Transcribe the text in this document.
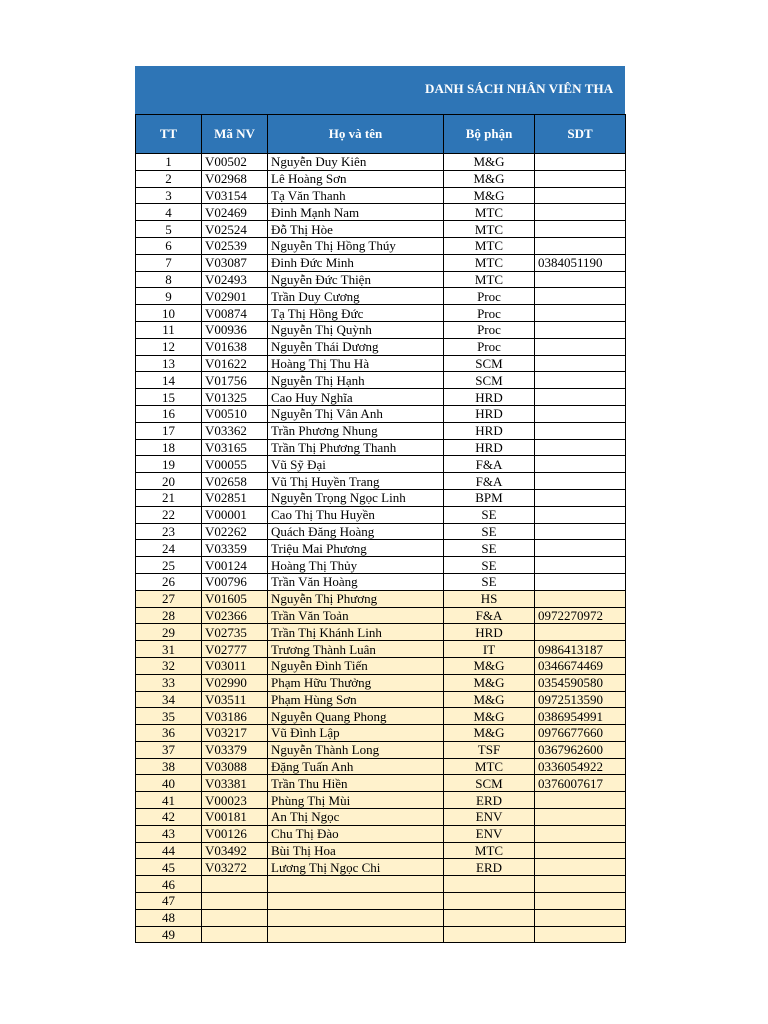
DANH SÁCH NHÂN VIÊN THA
TT	Mã NV	Họ và tên	Bộ phận	SDT
1	V00502	Nguyễn Duy Kiên	M&G	
2	V02968	Lê Hoàng Sơn	M&G	
3	V03154	Tạ Văn Thanh	M&G	
4	V02469	Đinh Mạnh Nam	MTC	
5	V02524	Đỗ Thị Hòe	MTC	
6	V02539	Nguyễn Thị Hồng Thúy	MTC	
7	V03087	Đinh Đức Minh	MTC	0384051190
8	V02493	Nguyễn Đức Thiện	MTC	
9	V02901	Trần Duy Cương	Proc	
10	V00874	Tạ Thị Hồng Đức	Proc	
11	V00936	Nguyễn Thị Quỳnh	Proc	
12	V01638	Nguyễn Thái Dương	Proc	
13	V01622	Hoàng Thị Thu Hà	SCM	
14	V01756	Nguyễn Thị Hạnh	SCM	
15	V01325	Cao Huy Nghĩa	HRD	
16	V00510	Nguyễn Thị Vân Anh	HRD	
17	V03362	Trần Phương Nhung	HRD	
18	V03165	Trần Thị Phương Thanh	HRD	
19	V00055	Vũ Sỹ Đại	F&A	
20	V02658	Vũ Thị Huyền Trang	F&A	
21	V02851	Nguyễn Trọng Ngọc Linh	BPM	
22	V00001	Cao Thị Thu Huyền	SE	
23	V02262	Quách Đăng Hoàng	SE	
24	V03359	Triệu Mai Phương	SE	
25	V00124	Hoàng Thị Thủy	SE	
26	V00796	Trần Văn Hoàng	SE	
27	V01605	Nguyễn Thị Phương	HS	
28	V02366	Trần Văn Toản	F&A	0972270972
29	V02735	Trần Thị Khánh Linh	HRD	
31	V02777	Trương Thành Luân	IT	0986413187
32	V03011	Nguyễn Đình Tiến	M&G	0346674469
33	V02990	Phạm Hữu Thưởng	M&G	0354590580
34	V03511	Phạm Hùng Sơn	M&G	0972513590
35	V03186	Nguyễn Quang Phong	M&G	0386954991
36	V03217	Vũ Đình Lập	M&G	0976677660
37	V03379	Nguyễn Thành Long	TSF	0367962600
38	V03088	Đặng Tuấn Anh	MTC	0336054922
40	V03381	Trần Thu Hiền	SCM	0376007617
41	V00023	Phùng Thị Mùi	ERD	
42	V00181	An Thị Ngọc	ENV	
43	V00126	Chu Thị Đào	ENV	
44	V03492	Bùi Thị Hoa	MTC	
45	V03272	Lương Thị Ngọc Chi	ERD	
46				
47				
48				
49				
